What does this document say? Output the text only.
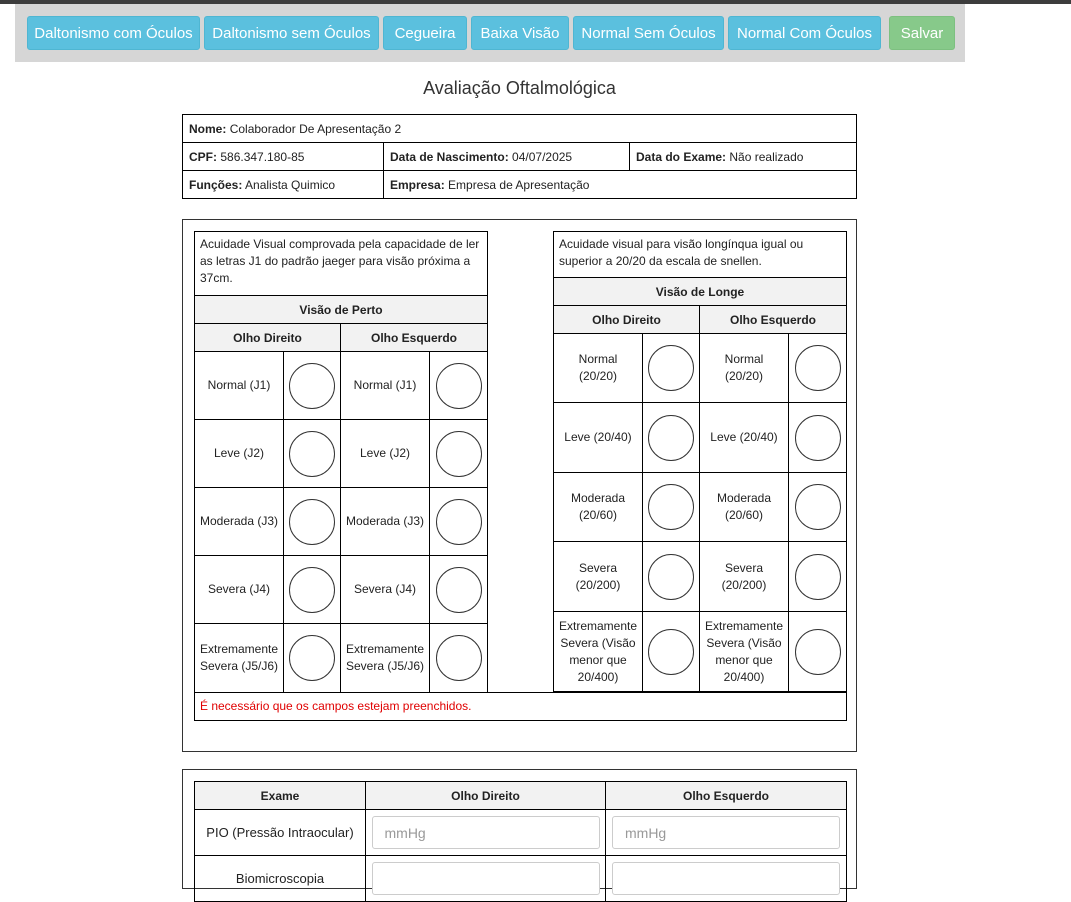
Daltonismo com Óculos	Daltonismo sem Óculos	Cegueira	Baixa Visão	Normal Sem Óculos	Normal Com Óculos	Salvar
Avaliação Oftalmológica
Nome: Colaborador De Apresentação 2		
CPF: 586.347.180-85	Data de Nascimento: 04/07/2025	Data do Exame: Não realizado
Funções: Analista Quimico	Empresa: Empresa de Apresentação	
Acuidade Visual comprovada pela capacidade de ler as letras J1 do padrão jaeger para visão próxima a 37cm.			
Visão de Perto			
Olho Direito		Olho Esquerdo	
Normal (J1)		Normal (J1)	
Leve (J2)		Leve (J2)	
Moderada (J3)		Moderada (J3)	
Severa (J4)		Severa (J4)	
Extremamente Severa (J5/J6)		Extremamente Severa (J5/J6)	
Acuidade visual para visão longínqua igual ou superior a 20/20 da escala de snellen.			
Visão de Longe			
Olho Direito		Olho Esquerdo	
Normal (20/20)		Normal (20/20)	
Leve (20/40)		Leve (20/40)	
Moderada (20/60)		Moderada (20/60)	
Severa (20/200)		Severa (20/200)	
Extremamente Severa (Visão menor que 20/400)		Extremamente Severa (Visão menor que 20/400)	
É necessário que os campos estejam preenchidos.
Exame	Olho Direito	Olho Esquerdo
PIO (Pressão Intraocular)	mmHg	mmHg
Biomicroscopia		
